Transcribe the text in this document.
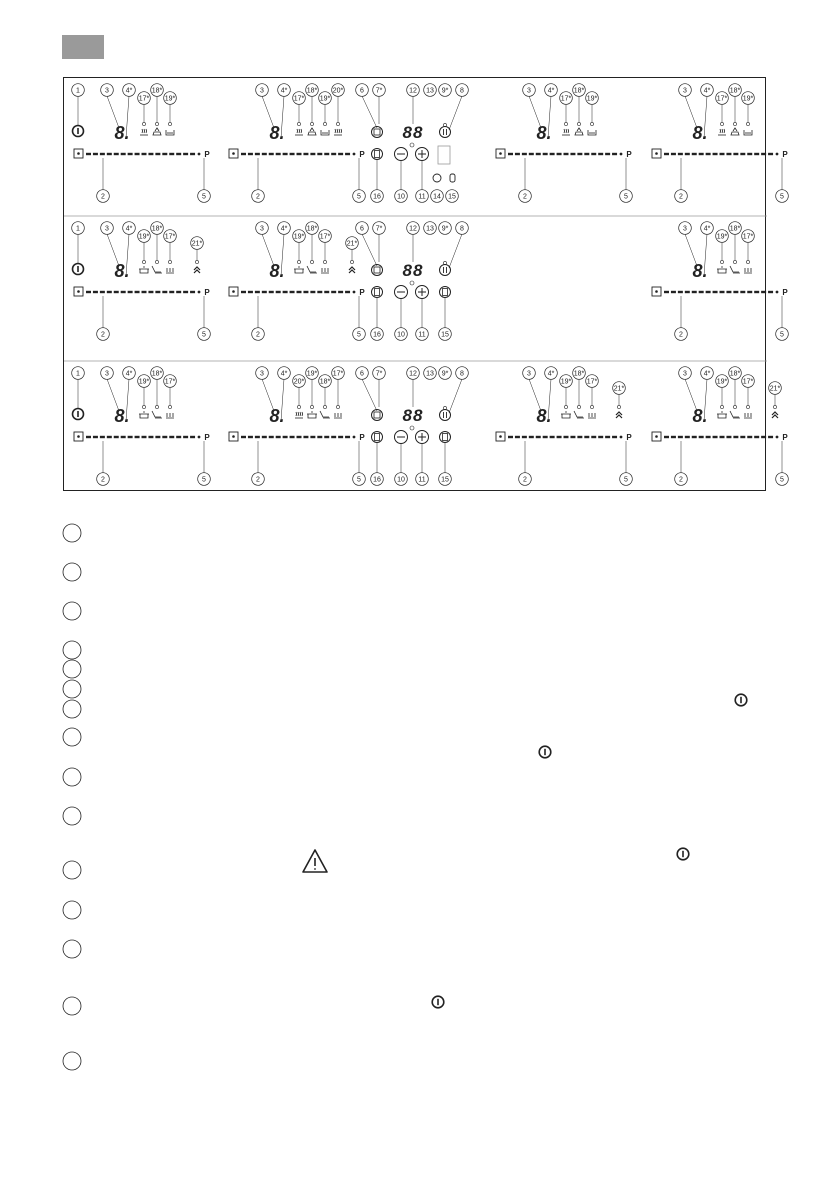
1	3 4*
17*
18*
19*
8.
P
2	5
3 4*
17*
18*
19*
20*
8.
P
2	5
3 4*
17*
18*
19*
8.
P
2	5
3 4*
17*
18*
19*
8.
P
2	5
6 7*	12 13 9* 8
88
16 10 11 14 15
1	3 4*
19*
18*
17*
21*
8.
P
2	5
3 4*
19*
18*
17*
21*
8.
P
2	5
3 4*
19*
18*
17*
8.
P
2	5
6 7*	12 13 9* 8
88
16 10 11 15
1	3 4*
19*
18*
17*
8.
P
2	5
3 4*
20*
19*
18*
17*
8.
P
2	5
3 4*
19*
18*
17*
21*
8.
P
2	5
3 4*
19*
18*
17*
21*
8.
P
2	5
6 7*	12 13 9* 8
88
16 10 11 15
